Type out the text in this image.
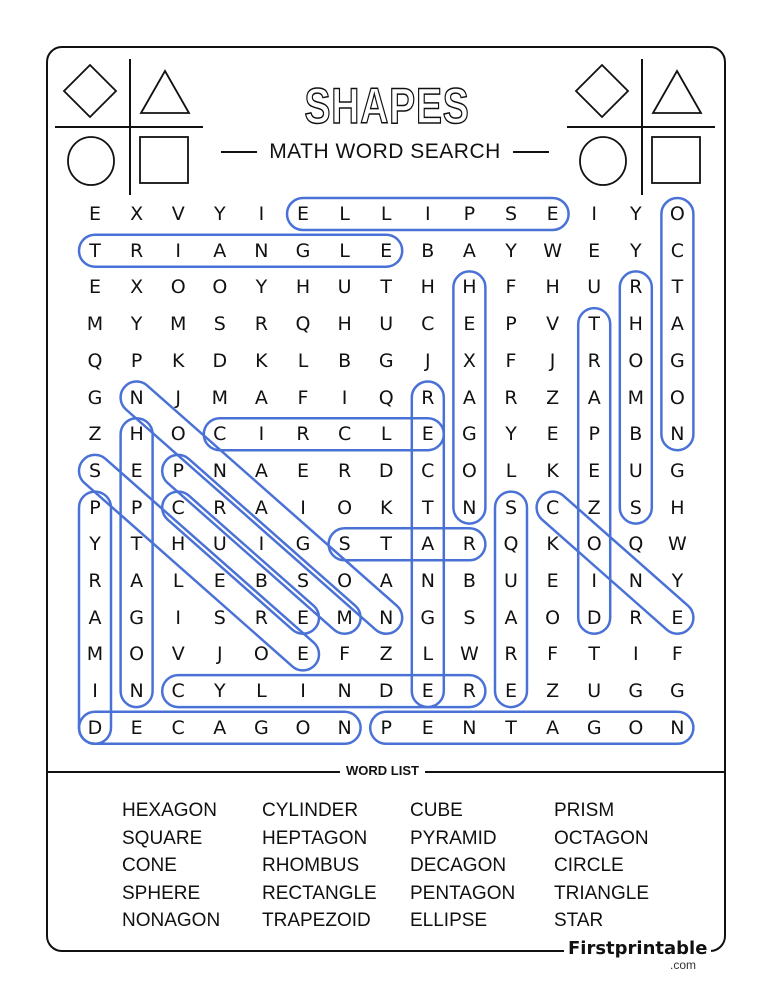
SHAPES
MATH WORD SEARCH
E	X	V	Y	I	E	L	L	I	P	S	E	I	Y	O
T	R	I	A	N	G	L	E	B	A	Y	W	E	Y	C
E	X	O	O	Y	H	U	T	H	H	F	H	U	R	T
M	Y	M	S	R	Q	H	U	C	E	P	V	T	H	A
Q	P	K	D	K	L	B	G	J	X	F	J	R	O	G
G	N	J	M	A	F	I	Q	R	A	R	Z	A	M	O
Z	H	O	C	I	R	C	L	E	G	Y	E	P	B	N
S	E	P	N	A	E	R	D	C	O	L	K	E	U	G
P	P	C	R	A	I	O	K	T	N	S	C	Z	S	H
Y	T	H	U	I	G	S	T	A	R	Q	K	O	Q	W
R	A	L	E	B	S	O	A	N	B	U	E	I	N	Y
A	G	I	S	R	E	M	N	G	S	A	O	D	R	E
M	O	V	J	O	E	F	Z	L	W	R	F	T	I	F
I	N	C	Y	L	I	N	D	E	R	E	Z	U	G	G
D	E	C	A	G	O	N	P	E	N	T	A	G	O	N
WORD LIST
HEXAGON
SQUARE
CONE
SPHERE
NONAGON
CYLINDER
HEPTAGON
RHOMBUS
RECTANGLE
TRAPEZOID
CUBE
PYRAMID
DECAGON
PENTAGON
ELLIPSE
PRISM
OCTAGON
CIRCLE
TRIANGLE
STAR
Firstprintable
.com
